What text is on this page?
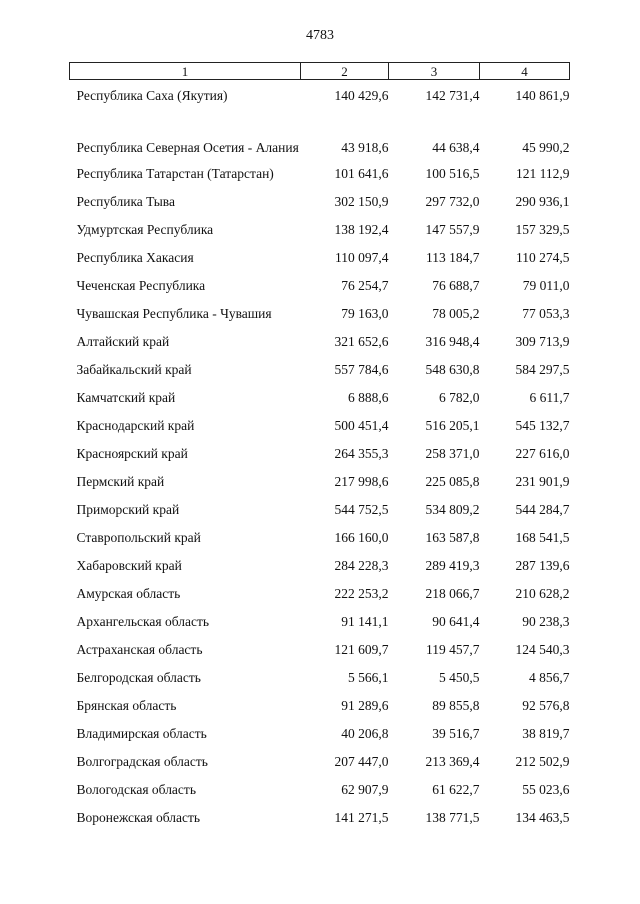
4783
1	2	3	4
Республика Саха (Якутия)	140 429,6	142 731,4	140 861,9
Республика Северная Осетия - Алания	43 918,6	44 638,4	45 990,2
Республика Татарстан (Татарстан)	101 641,6	100 516,5	121 112,9
Республика Тыва	302 150,9	297 732,0	290 936,1
Удмуртская Республика	138 192,4	147 557,9	157 329,5
Республика Хакасия	110 097,4	113 184,7	110 274,5
Чеченская Республика	76 254,7	76 688,7	79 011,0
Чувашская Республика - Чувашия	79 163,0	78 005,2	77 053,3
Алтайский край	321 652,6	316 948,4	309 713,9
Забайкальский край	557 784,6	548 630,8	584 297,5
Камчатский край	6 888,6	6 782,0	6 611,7
Краснодарский край	500 451,4	516 205,1	545 132,7
Красноярский край	264 355,3	258 371,0	227 616,0
Пермский край	217 998,6	225 085,8	231 901,9
Приморский край	544 752,5	534 809,2	544 284,7
Ставропольский край	166 160,0	163 587,8	168 541,5
Хабаровский край	284 228,3	289 419,3	287 139,6
Амурская область	222 253,2	218 066,7	210 628,2
Архангельская область	91 141,1	90 641,4	90 238,3
Астраханская область	121 609,7	119 457,7	124 540,3
Белгородская область	5 566,1	5 450,5	4 856,7
Брянская область	91 289,6	89 855,8	92 576,8
Владимирская область	40 206,8	39 516,7	38 819,7
Волгоградская область	207 447,0	213 369,4	212 502,9
Вологодская область	62 907,9	61 622,7	55 023,6
Воронежская область	141 271,5	138 771,5	134 463,5
